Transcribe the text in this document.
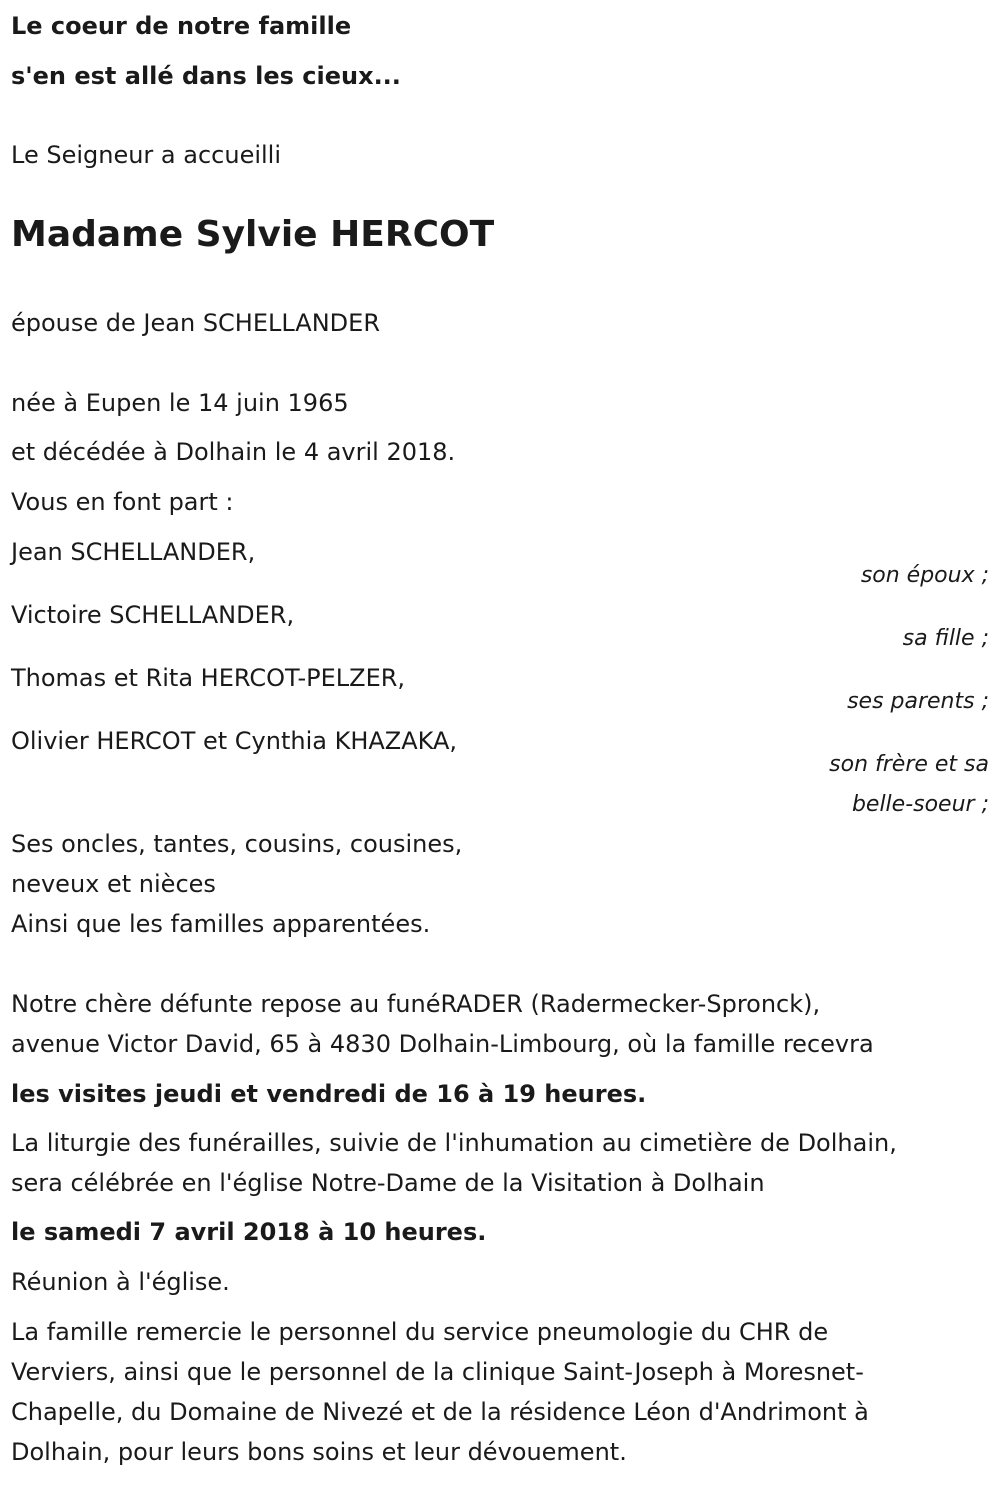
Le coeur de notre famille
s'en est allé dans les cieux...
Le Seigneur a accueilli
Madame Sylvie HERCOT
épouse de Jean SCHELLANDER
née à Eupen le 14 juin 1965
et décédée à Dolhain le 4 avril 2018.
Vous en font part :
Jean SCHELLANDER,
son époux ;
Victoire SCHELLANDER,
sa fille ;
Thomas et Rita HERCOT-PELZER,
ses parents ;
Olivier HERCOT et Cynthia KHAZAKA,
son frère et sa
belle-soeur ;
Ses oncles, tantes, cousins, cousines,
neveux et nièces
Ainsi que les familles apparentées.
Notre chère défunte repose au funéRADER (Radermecker-Spronck),
avenue Victor David, 65 à 4830 Dolhain-Limbourg, où la famille recevra
les visites jeudi et vendredi de 16 à 19 heures.
La liturgie des funérailles, suivie de l'inhumation au cimetière de Dolhain,
sera célébrée en l'église Notre-Dame de la Visitation à Dolhain
le samedi 7 avril 2018 à 10 heures.
Réunion à l'église.
La famille remercie le personnel du service pneumologie du CHR de
Verviers, ainsi que le personnel de la clinique Saint-Joseph à Moresnet-
Chapelle, du Domaine de Nivezé et de la résidence Léon d'Andrimont à
Dolhain, pour leurs bons soins et leur dévouement.
